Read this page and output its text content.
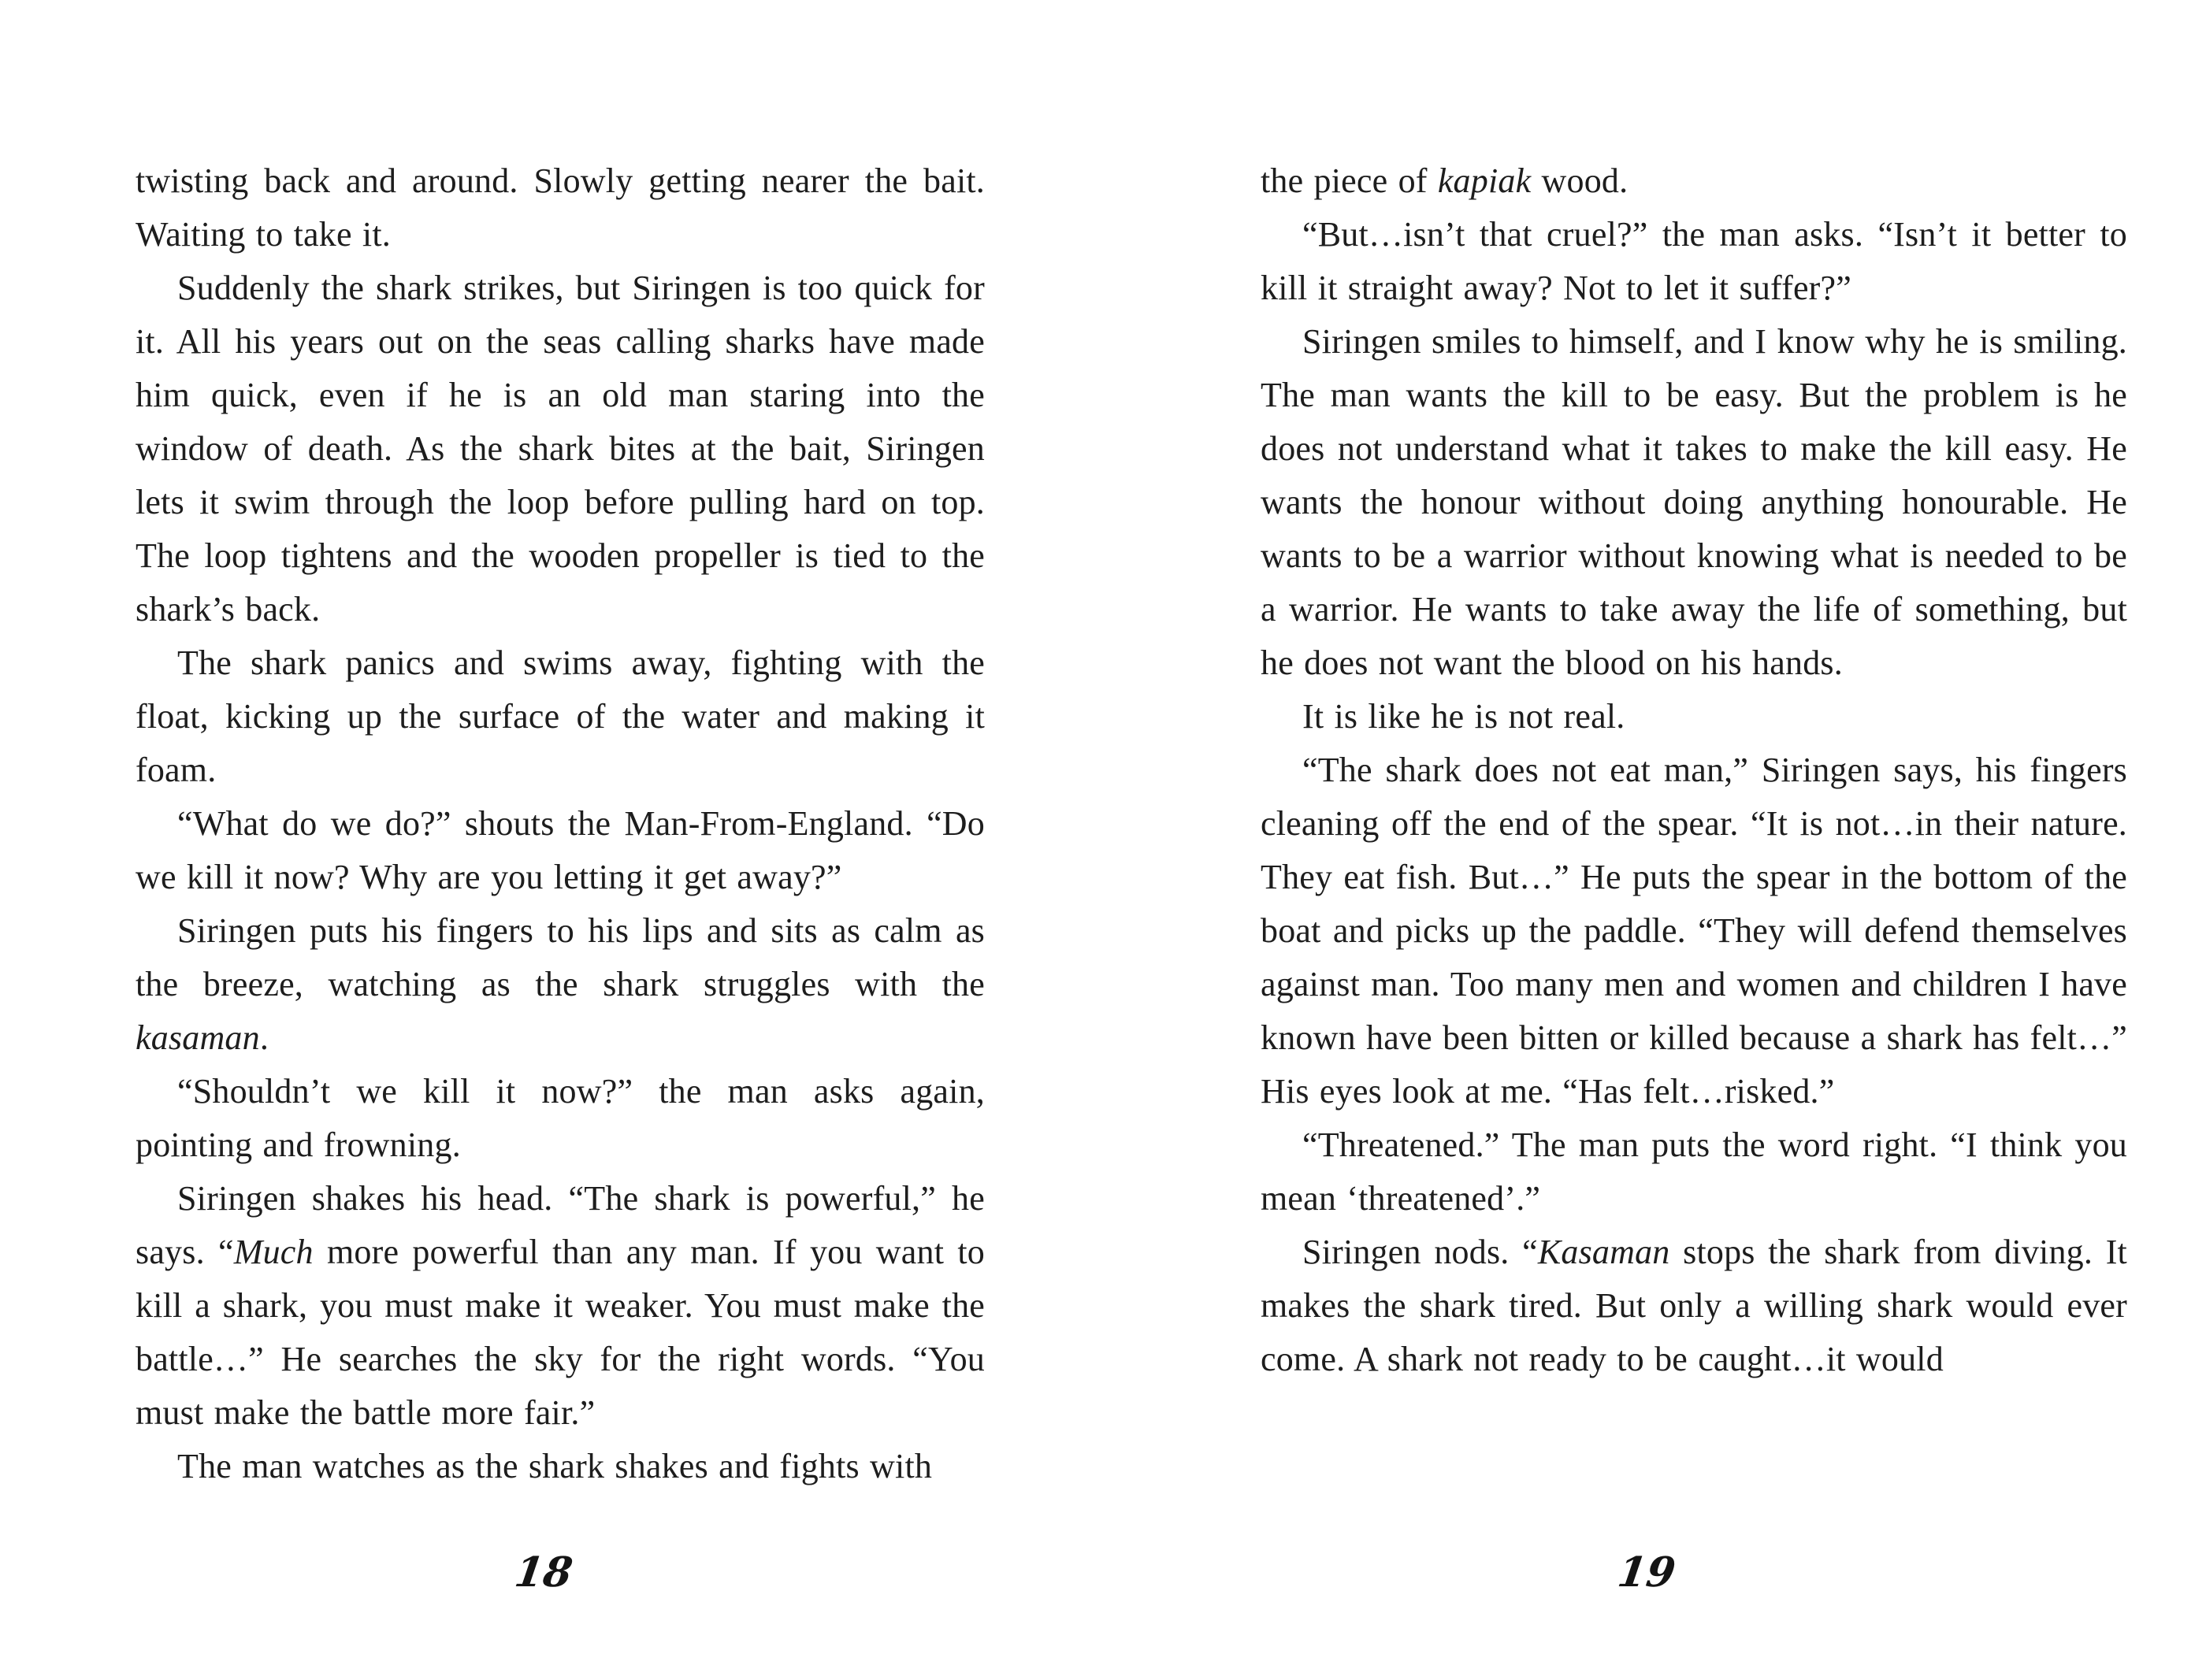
twisting back and around. Slowly getting nearer the bait. Waiting to take it.

Suddenly the shark strikes, but Siringen is too quick for it. All his years out on the seas calling sharks have made him quick, even if he is an old man staring into the window of death. As the shark bites at the bait, Siringen lets it swim through the loop before pulling hard on top. The loop tightens and the wooden propeller is tied to the shark’s back.

The shark panics and swims away, fighting with the float, kicking up the surface of the water and making it foam.

“What do we do?” shouts the Man-From-England. “Do we kill it now? Why are you letting it get away?”

Siringen puts his fingers to his lips and sits as calm as the breeze, watching as the shark struggles with the kasaman.

“Shouldn’t we kill it now?” the man asks again, pointing and frowning.

Siringen shakes his head. “The shark is powerful,” he says. “Much more powerful than any man. If you want to kill a shark, you must make it weaker. You must make the battle…” He searches the sky for the right words. “You must make the battle more fair.”

The man watches as the shark shakes and fights with

18

the piece of kapiak wood.

“But…isn’t that cruel?” the man asks. “Isn’t it better to kill it straight away? Not to let it suffer?”

Siringen smiles to himself, and I know why he is smiling. The man wants the kill to be easy. But the problem is he does not understand what it takes to make the kill easy. He wants the honour without doing anything honourable. He wants to be a warrior without knowing what is needed to be a warrior. He wants to take away the life of something, but he does not want the blood on his hands.

It is like he is not real.

“The shark does not eat man,” Siringen says, his fingers cleaning off the end of the spear. “It is not…in their nature. They eat fish. But…” He puts the spear in the bottom of the boat and picks up the paddle. “They will defend themselves against man. Too many men and women and children I have known have been bitten or killed because a shark has felt…” His eyes look at me. “Has felt…risked.”

“Threatened.” The man puts the word right. “I think you mean ‘threatened’.”

Siringen nods. “Kasaman stops the shark from diving. It makes the shark tired. But only a willing shark would ever come. A shark not ready to be caught…it would

19
